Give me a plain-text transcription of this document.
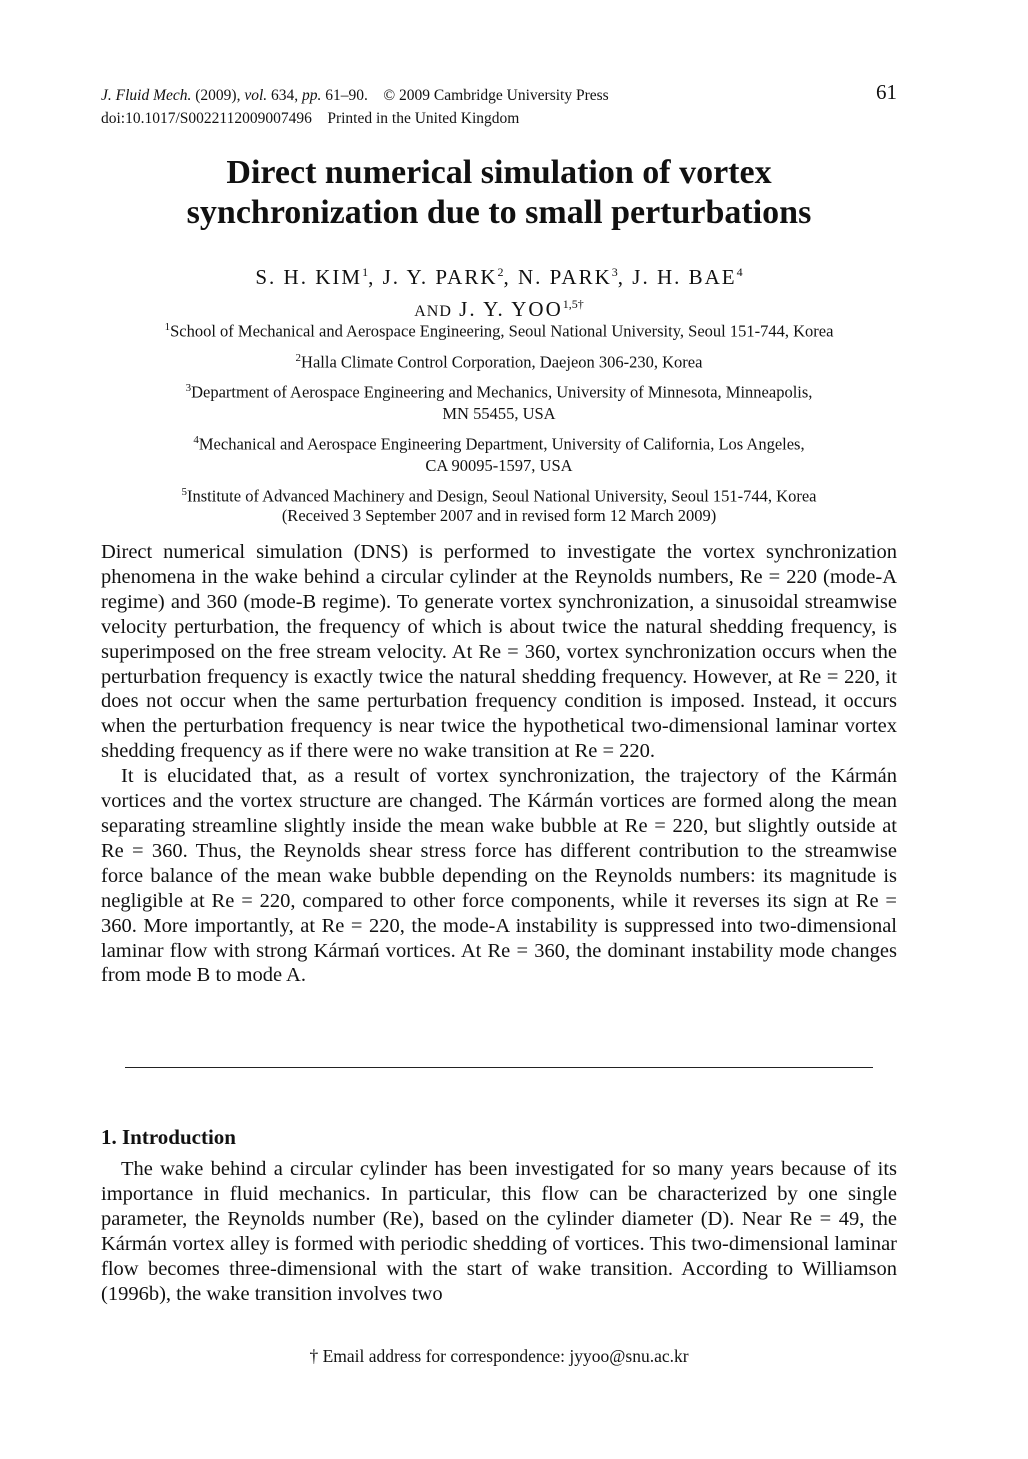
J. Fluid Mech. (2009), vol. 634, pp. 61–90. © 2009 Cambridge University Press
doi:10.1017/S0022112009007496 Printed in the United Kingdom
61
Direct numerical simulation of vortex
synchronization due to small perturbations
S. H. KIM$^1$, J. Y. PARK$^2$, N. PARK$^3$, J. H. BAE$^4$
AND J. Y. $YOO^{1,5\dagger}$

$^1$School of Mechanical and Aerospace Engineering, Seoul National University, Seoul 151-744, Korea

$^2$Halla Climate Control Corporation, Daejeon 306-230, Korea

$^3$Department of Aerospace Engineering and Mechanics, University of Minnesota, Minneapolis,
MN 55455, USA

$^4$Mechanical and Aerospace Engineering Department, University of California, Los Angeles,
CA 90095-1597, USA

$^5$Institute of Advanced Machinery and Design, Seoul National University, Seoul 151-744, Korea

(Received 3 September 2007 and in revised form 12 March 2009)

Direct numerical simulation (DNS) is performed to investigate the vortex synchronization phenomena in the wake behind a circular cylinder at the Reynolds numbers, Re = 220 (mode-A regime) and 360 (mode-B regime). To generate vortex synchronization, a sinusoidal streamwise velocity perturbation, the frequency of which is about twice the natural shedding frequency, is superimposed on the free stream velocity. At Re = 360, vortex synchronization occurs when the perturbation frequency is exactly twice the natural shedding frequency. However, at Re = 220, it does not occur when the same perturbation frequency condition is imposed. Instead, it occurs when the perturbation frequency is near twice the hypothetical two-dimensional laminar vortex shedding frequency as if there were no wake transition at Re = 220.

It is elucidated that, as a result of vortex synchronization, the trajectory of the Kármán vortices and the vortex structure are changed. The Kármán vortices are formed along the mean separating streamline slightly inside the mean wake bubble at Re = 220, but slightly outside at Re = 360. Thus, the Reynolds shear stress force has different contribution to the streamwise force balance of the mean wake bubble depending on the Reynolds numbers: its magnitude is negligible at Re = 220, compared to other force components, while it reverses its sign at Re = 360. More importantly, at Re = 220, the mode-A instability is suppressed into two-dimensional laminar flow with strong Kármań vortices. At Re = 360, the dominant instability mode changes from mode B to mode A.

1. Introduction
The wake behind a circular cylinder has been investigated for so many years because of its importance in fluid mechanics. In particular, this flow can be characterized by one single parameter, the Reynolds number (Re), based on the cylinder diameter (D). Near Re = 49, the Kármán vortex alley is formed with periodic shedding of vortices. This two-dimensional laminar flow becomes three-dimensional with the start of wake transition. According to Williamson (1996b), the wake transition involves two
† Email address for correspondence: jyyoo@snu.ac.kr
